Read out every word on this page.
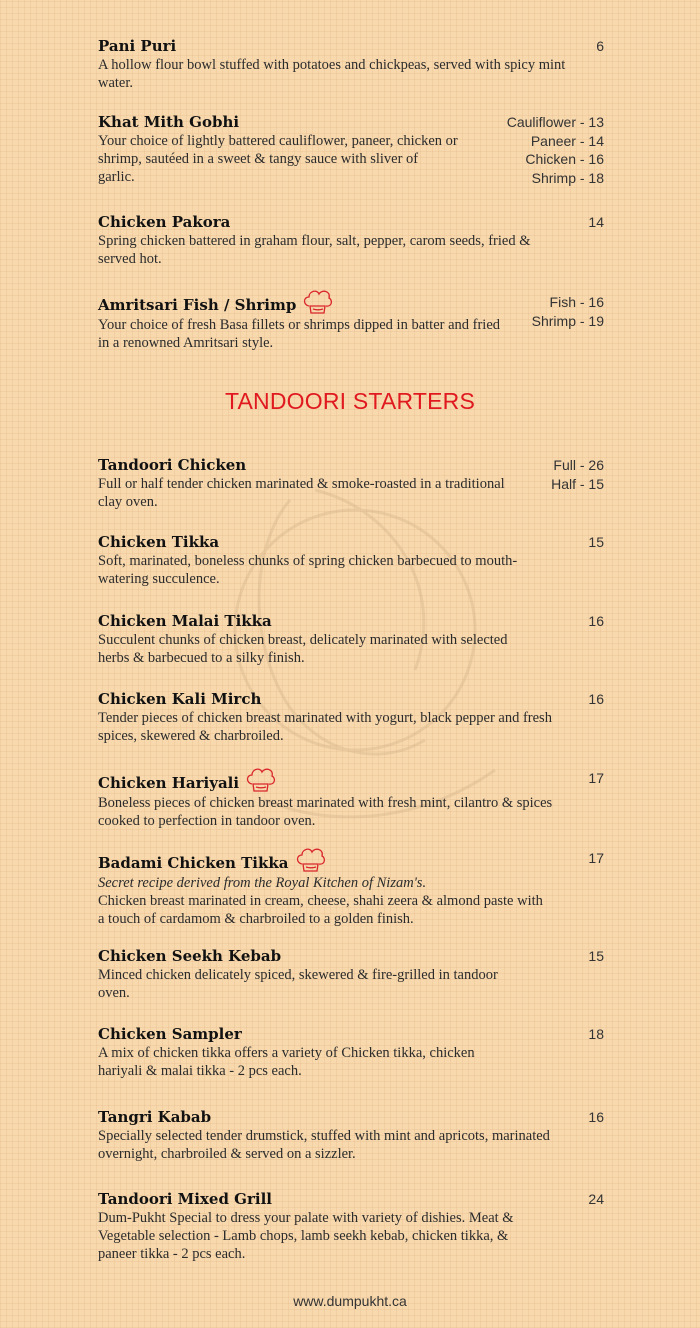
Pani Puri
A hollow flour bowl stuffed with potatoes and chickpeas, served with spicy mint water.
6
Khat Mith Gobhi
Your choice of lightly battered cauliflower, paneer, chicken or shrimp, sautéed in a sweet & tangy sauce with sliver of garlic.
Cauliflower - 13
Paneer - 14
Chicken - 16
Shrimp - 18
Chicken Pakora
Spring chicken battered in graham flour, salt, pepper, carom seeds, fried & served hot.
14
Amritsari Fish / Shrimp
Your choice of fresh Basa fillets or shrimps dipped in batter and fried in a renowned Amritsari style.
Fish - 16
Shrimp - 19
TANDOORI STARTERS
Tandoori Chicken
Full or half tender chicken marinated & smoke-roasted in a traditional clay oven.
Full - 26
Half - 15
Chicken Tikka
Soft, marinated, boneless chunks of spring chicken barbecued to mouth-watering succulence.
15
Chicken Malai Tikka
Succulent chunks of chicken breast, delicately marinated with selected herbs & barbecued to a silky finish.
16
Chicken Kali Mirch
Tender pieces of chicken breast marinated with yogurt, black pepper and fresh spices, skewered & charbroiled.
16
Chicken Hariyali
Boneless pieces of chicken breast marinated with fresh mint, cilantro & spices cooked to perfection in tandoor oven.
17
Badami Chicken Tikka
Secret recipe derived from the Royal Kitchen of Nizam's.
Chicken breast marinated in cream, cheese, shahi zeera & almond paste with a touch of cardamom & charbroiled to a golden finish.
17
Chicken Seekh Kebab
Minced chicken delicately spiced, skewered & fire-grilled in tandoor oven.
15
Chicken Sampler
A mix of chicken tikka offers a variety of Chicken tikka, chicken hariyali & malai tikka - 2 pcs each.
18
Tangri Kabab
Specially selected tender drumstick, stuffed with mint and apricots, marinated overnight, charbroiled & served on a sizzler.
16
Tandoori Mixed Grill
Dum-Pukht Special to dress your palate with variety of dishies. Meat & Vegetable selection - Lamb chops, lamb seekh kebab, chicken tikka, & paneer tikka - 2 pcs each.
24
www.dumpukht.ca
